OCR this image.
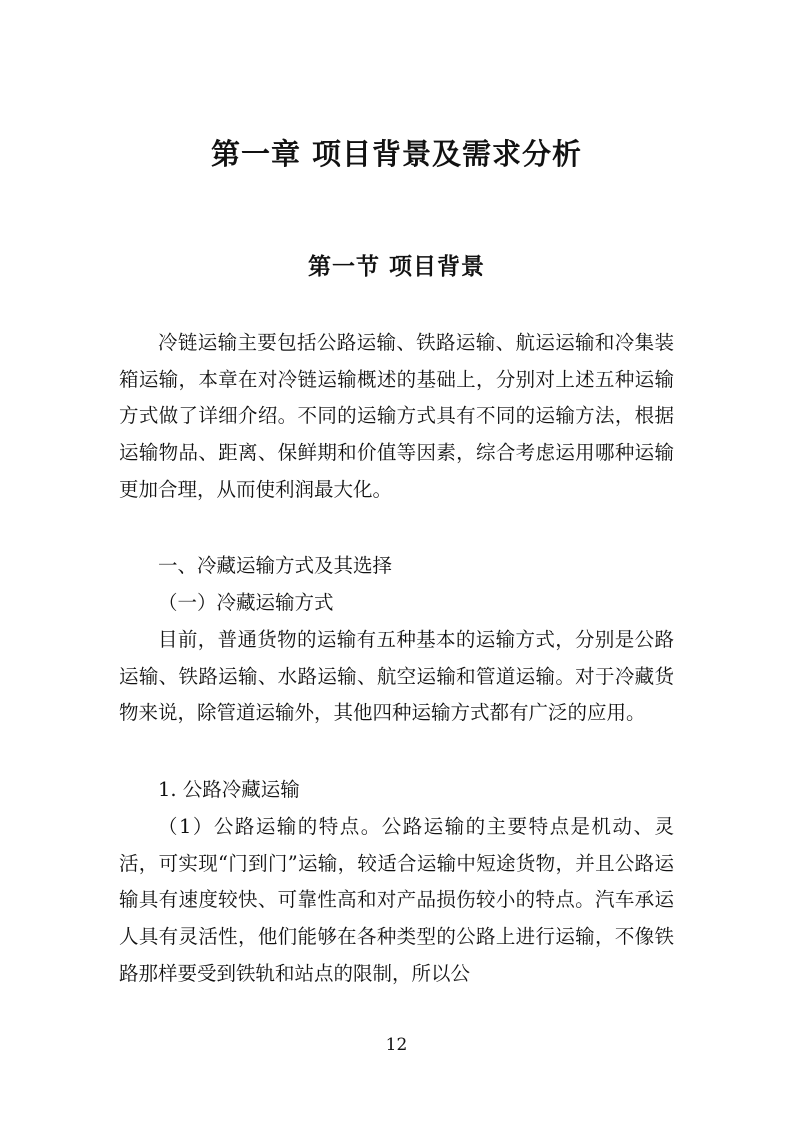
第一章 项目背景及需求分析
第一节 项目背景

冷链运输主要包括公路运输、铁路运输、航运运输和冷集装箱运输，本章在对冷链运输概述的基础上，分别对上述五种运输方式做了详细介绍。不同的运输方式具有不同的运输方法，根据运输物品、距离、保鲜期和价值等因素，综合考虑运用哪种运输更加合理，从而使利润最大化。

一、冷藏运输方式及其选择

（一）冷藏运输方式

目前，普通货物的运输有五种基本的运输方式，分别是公路运输、铁路运输、水路运输、航空运输和管道运输。对于冷藏货物来说，除管道运输外，其他四种运输方式都有广泛的应用。

1. 公路冷藏运输

（1）公路运输的特点。公路运输的主要特点是机动、灵活，可实现“门到门”运输，较适合运输中短途货物，并且公路运输具有速度较快、可靠性高和对产品损伤较小的特点。汽车承运人具有灵活性，他们能够在各种类型的公路上进行运输，不像铁路那样要受到铁轨和站点的限制，所以公

12
